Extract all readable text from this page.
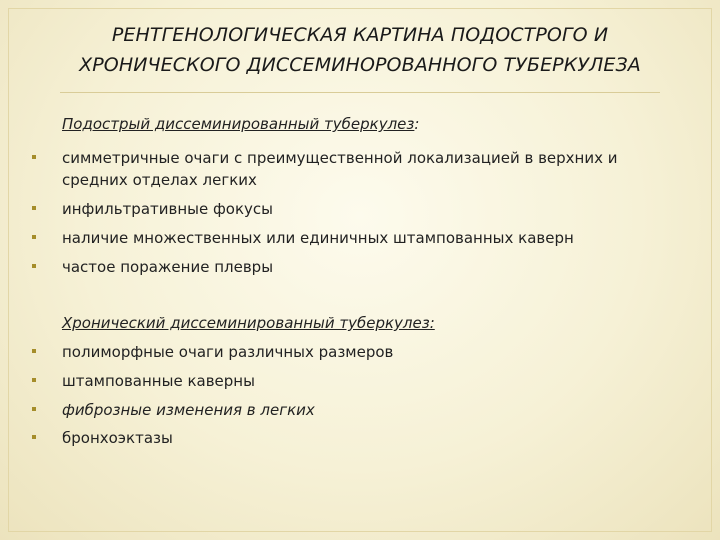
РЕНТГЕНОЛОГИЧЕСКАЯ КАРТИНА ПОДОСТРОГО И
ХРОНИЧЕСКОГО ДИССЕМИНОРОВАННОГО ТУБЕРКУЛЕЗА
Подострый диссеминированный туберкулез:
симметричные очаги с преимущественной локализацией в верхних и средних отделах легких
инфильтративные фокусы
наличие множественных или единичных штампованных каверн
частое поражение плевры
Хронический диссеминированный туберкулез:
полиморфные очаги различных размеров
штампованные каверны
фиброзные изменения в легких
бронхоэктазы
